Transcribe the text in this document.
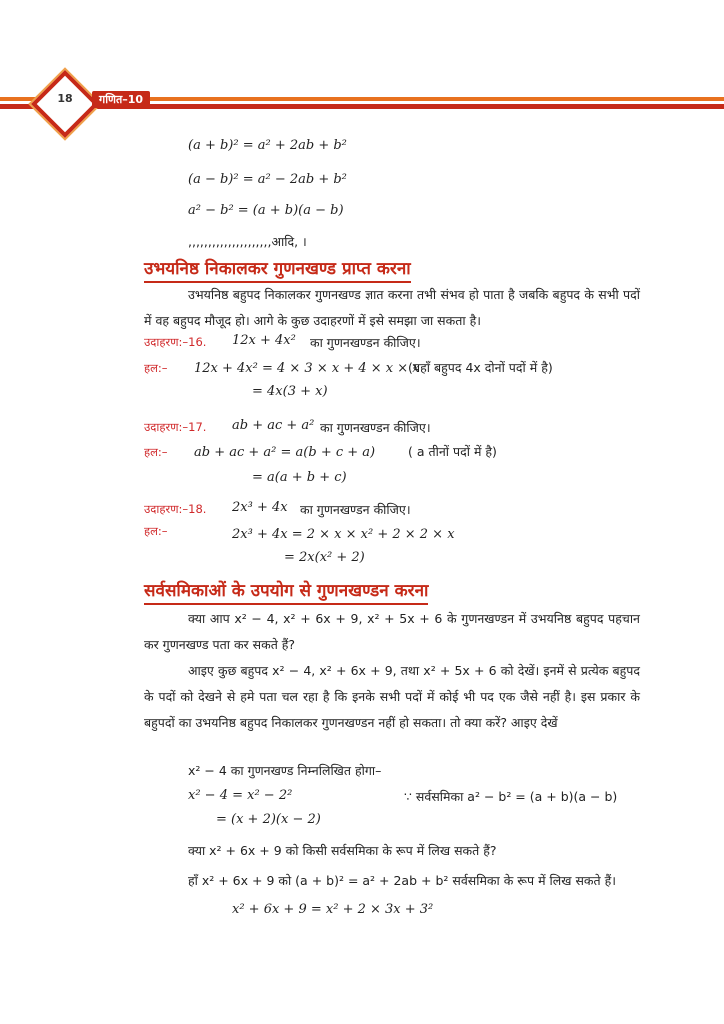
18	गणित–10
(a + b)² = a² + 2ab + b²
(a − b)² = a² − 2ab + b²
a² − b² = (a + b)(a − b)
,,,,,,,,,,,,,,,,,,,,,आदि, ।
उभयनिष्ठ निकालकर गुणनखण्ड प्राप्त करना
उभयनिष्ठ बहुपद निकालकर गुणनखण्ड ज्ञात करना तभी संभव हो पाता है जबकि बहुपद के सभी पदों में वह बहुपद मौजूद हो। आगे के कुछ उदाहरणों में इसे समझा जा सकता है।
उदाहरण:–16. 12x + 4x² का गुणनखण्डन कीजिए।
हल:– 12x + 4x² = 4 × 3 × x + 4 × x × x
(यहाँ बहुपद 4x दोनों पदों में है)
= 4x(3 + x)
उदाहरण:–17. ab + ac + a² का गुणनखण्डन कीजिए।
हल:– ab + ac + a² = a(b + c + a)	( a तीनों पदों में है)
= a(a + b + c)
उदाहरण:–18. 2x³ + 4x का गुणनखण्डन कीजिए।
हल:–	2x³ + 4x = 2 × x × x² + 2 × 2 × x
= 2x(x² + 2)
सर्वसमिकाओं के उपयोग से गुणनखण्डन करना
क्या आप x² − 4, x² + 6x + 9, x² + 5x + 6 के गुणनखण्डन में उभयनिष्ठ बहुपद पहचान कर गुणनखण्ड पता कर सकते हैं?
आइए कुछ बहुपद x² − 4, x² + 6x + 9, तथा x² + 5x + 6 को देखें। इनमें से प्रत्येक बहुपद के पदों को देखने से हमे पता चल रहा है कि इनके सभी पदों में कोई भी पद एक जैसे नहीं है। इस प्रकार के बहुपदों का उभयनिष्ठ बहुपद निकालकर गुणनखण्डन नहीं हो सकता। तो क्या करें? आइए देखें
x² − 4 का गुणनखण्ड निम्नलिखित होगा–
x² − 4 = x² − 2²	∵ सर्वसमिका a² − b² = (a + b)(a − b)
= (x + 2)(x − 2)
क्या x² + 6x + 9 को किसी सर्वसमिका के रूप में लिख सकते हैं?
हाँ x² + 6x + 9 को (a + b)² = a² + 2ab + b² सर्वसमिका के रूप में लिख सकते हैं।
x² + 6x + 9 = x² + 2 × 3x + 3²
